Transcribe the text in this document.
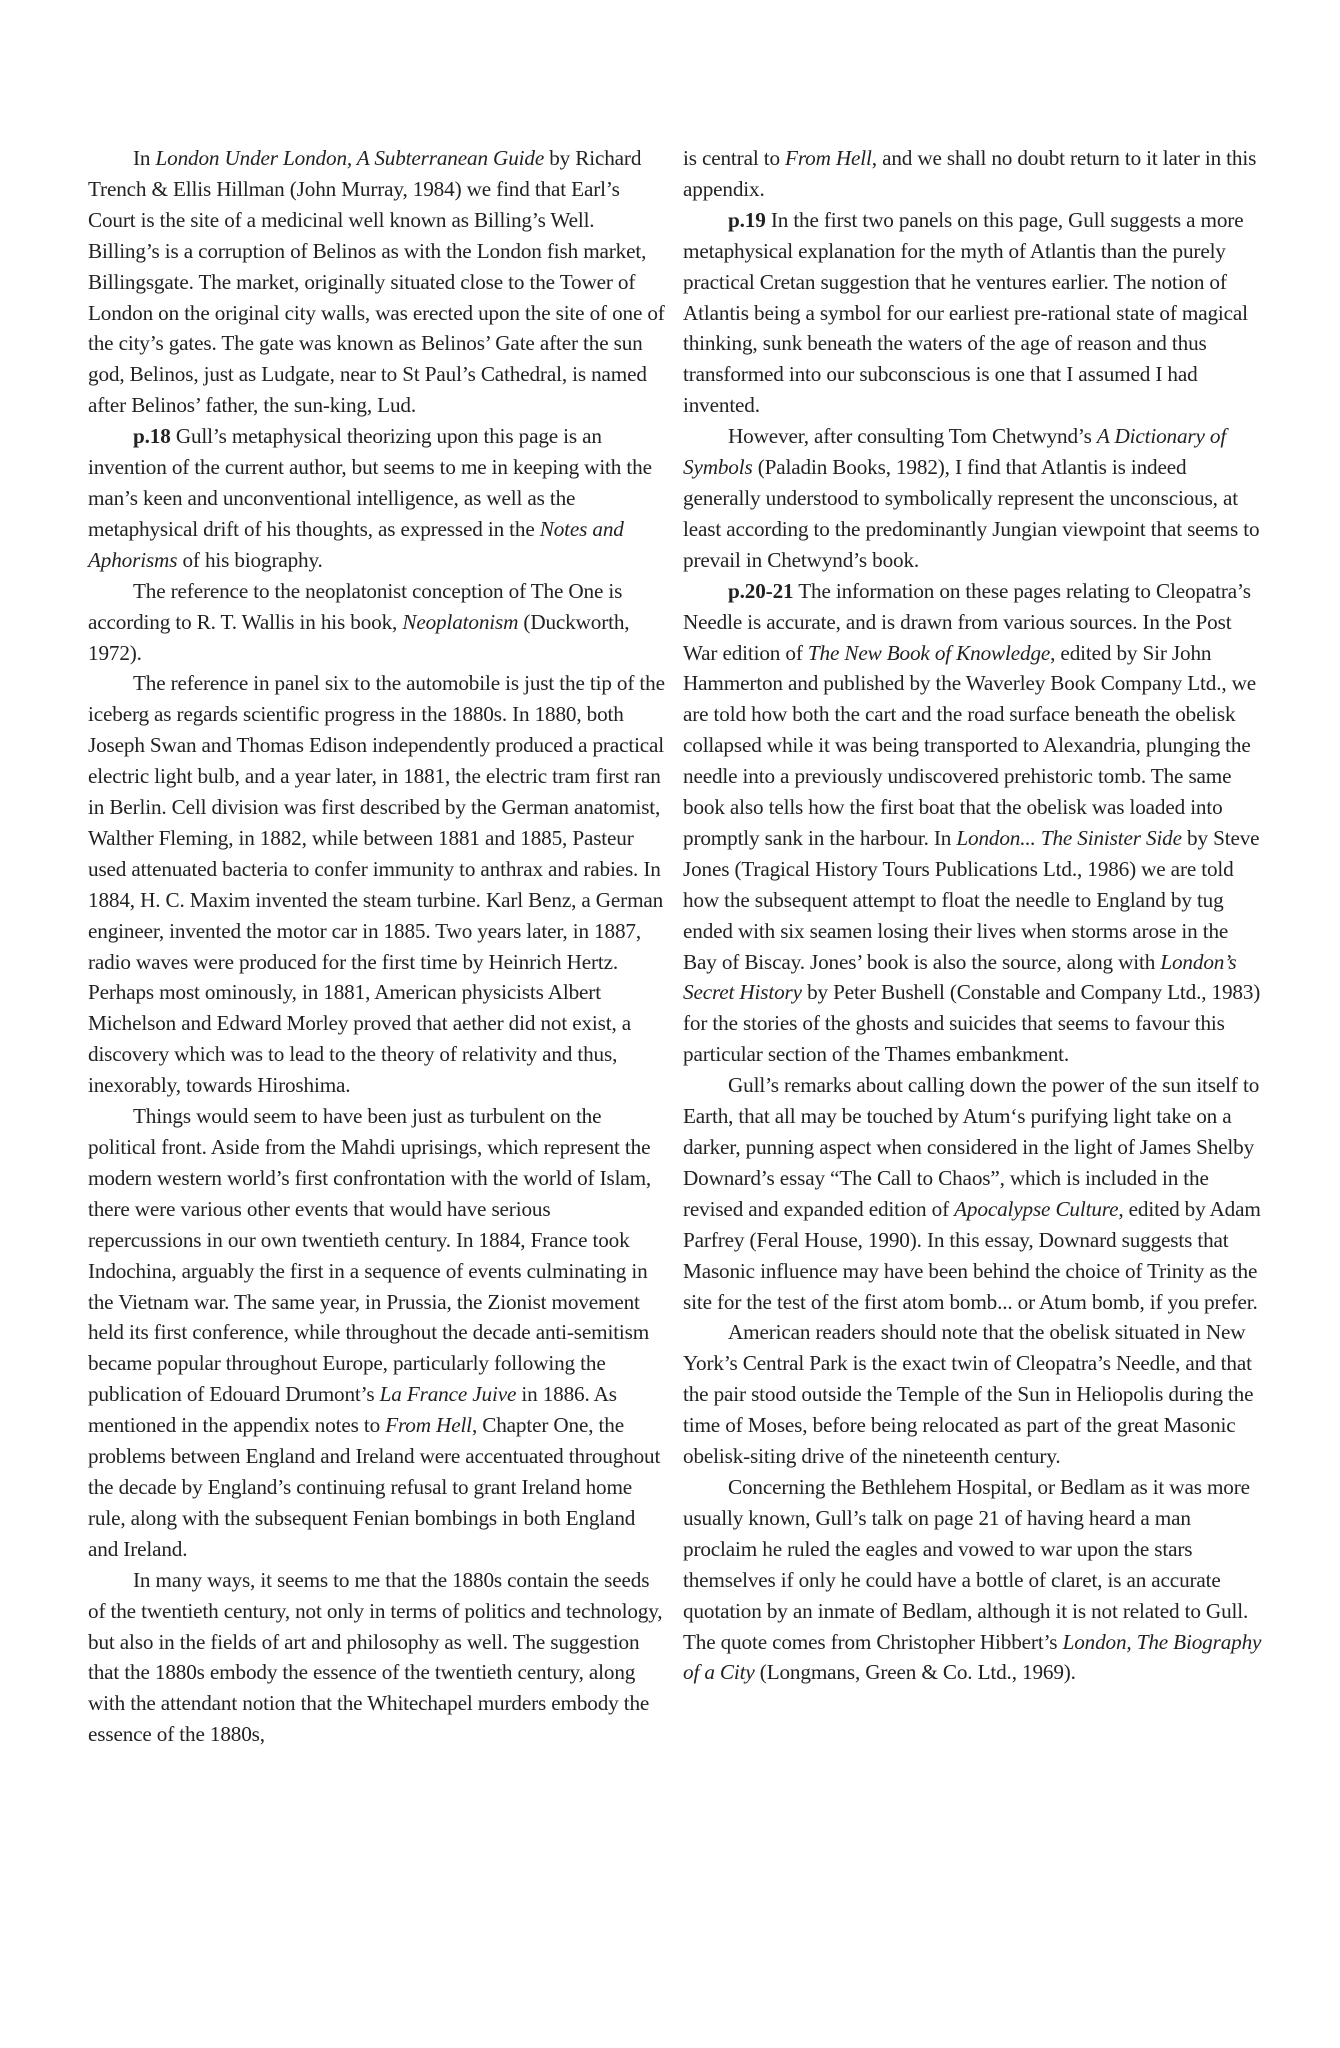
In London Under London, A Subterranean Guide by Richard Trench & Ellis Hillman (John Murray, 1984) we find that Earl’s Court is the site of a medicinal well known as Billing’s Well. Billing’s is a corruption of Belinos as with the London fish market, Billingsgate. The market, originally situated close to the Tower of London on the original city walls, was erected upon the site of one of the city’s gates. The gate was known as Belinos’ Gate after the sun god, Belinos, just as Ludgate, near to St Paul’s Cathedral, is named after Belinos’ father, the sun-king, Lud.

p.18 Gull’s metaphysical theorizing upon this page is an invention of the current author, but seems to me in keeping with the man’s keen and unconventional intelligence, as well as the metaphysical drift of his thoughts, as expressed in the Notes and Aphorisms of his biography.

The reference to the neoplatonist conception of The One is according to R. T. Wallis in his book, Neoplatonism (Duckworth, 1972).

The reference in panel six to the automobile is just the tip of the iceberg as regards scientific progress in the 1880s. In 1880, both Joseph Swan and Thomas Edison independently produced a practical electric light bulb, and a year later, in 1881, the electric tram first ran in Berlin. Cell division was first described by the German anatomist, Walther Fleming, in 1882, while between 1881 and 1885, Pasteur used attenuated bacteria to confer immunity to anthrax and rabies. In 1884, H. C. Maxim invented the steam turbine. Karl Benz, a German engineer, invented the motor car in 1885. Two years later, in 1887, radio waves were produced for the first time by Heinrich Hertz. Perhaps most ominously, in 1881, American physicists Albert Michelson and Edward Morley proved that aether did not exist, a discovery which was to lead to the theory of relativity and thus, inexorably, towards Hiroshima.

Things would seem to have been just as turbulent on the political front. Aside from the Mahdi uprisings, which represent the modern western world’s first confrontation with the world of Islam, there were various other events that would have serious repercussions in our own twentieth century. In 1884, France took Indochina, arguably the first in a sequence of events culminating in the Vietnam war. The same year, in Prussia, the Zionist movement held its first conference, while throughout the decade anti-semitism became popular throughout Europe, particularly following the publication of Edouard Drumont’s La France Juive in 1886. As mentioned in the appendix notes to From Hell, Chapter One, the problems between England and Ireland were accentuated throughout the decade by England’s continuing refusal to grant Ireland home rule, along with the subsequent Fenian bombings in both England and Ireland.

In many ways, it seems to me that the 1880s contain the seeds of the twentieth century, not only in terms of politics and technology, but also in the fields of art and philosophy as well. The suggestion that the 1880s embody the essence of the twentieth century, along with the attendant notion that the Whitechapel murders embody the essence of the 1880s,

is central to From Hell, and we shall no doubt return to it later in this appendix.

p.19 In the first two panels on this page, Gull suggests a more metaphysical explanation for the myth of Atlantis than the purely practical Cretan suggestion that he ventures earlier. The notion of Atlantis being a symbol for our earliest pre-rational state of magical thinking, sunk beneath the waters of the age of reason and thus transformed into our subconscious is one that I assumed I had invented.

However, after consulting Tom Chetwynd’s A Dictionary of Symbols (Paladin Books, 1982), I find that Atlantis is indeed generally understood to symbolically represent the unconscious, at least according to the predominantly Jungian viewpoint that seems to prevail in Chetwynd’s book.

p.20-21 The information on these pages relating to Cleopatra’s Needle is accurate, and is drawn from various sources. In the Post War edition of The New Book of Knowledge, edited by Sir John Hammerton and published by the Waverley Book Company Ltd., we are told how both the cart and the road surface beneath the obelisk collapsed while it was being transported to Alexandria, plunging the needle into a previously undiscovered prehistoric tomb. The same book also tells how the first boat that the obelisk was loaded into promptly sank in the harbour. In London... The Sinister Side by Steve Jones (Tragical History Tours Publications Ltd., 1986) we are told how the subsequent attempt to float the needle to England by tug ended with six seamen losing their lives when storms arose in the Bay of Biscay. Jones’ book is also the source, along with London’s Secret History by Peter Bushell (Constable and Company Ltd., 1983) for the stories of the ghosts and suicides that seems to favour this particular section of the Thames embankment.

Gull’s remarks about calling down the power of the sun itself to Earth, that all may be touched by Atum‘s purifying light take on a darker, punning aspect when considered in the light of James Shelby Downard’s essay “The Call to Chaos”, which is included in the revised and expanded edition of Apocalypse Culture, edited by Adam Parfrey (Feral House, 1990). In this essay, Downard suggests that Masonic influence may have been behind the choice of Trinity as the site for the test of the first atom bomb... or Atum bomb, if you prefer.

American readers should note that the obelisk situated in New York’s Central Park is the exact twin of Cleopatra’s Needle, and that the pair stood outside the Temple of the Sun in Heliopolis during the time of Moses, before being relocated as part of the great Masonic obelisk-siting drive of the nineteenth century.

Concerning the Bethlehem Hospital, or Bedlam as it was more usually known, Gull’s talk on page 21 of having heard a man proclaim he ruled the eagles and vowed to war upon the stars themselves if only he could have a bottle of claret, is an accurate quotation by an inmate of Bedlam, although it is not related to Gull. The quote comes from Christopher Hibbert’s London, The Biography of a City (Longmans, Green & Co. Ltd., 1969).
